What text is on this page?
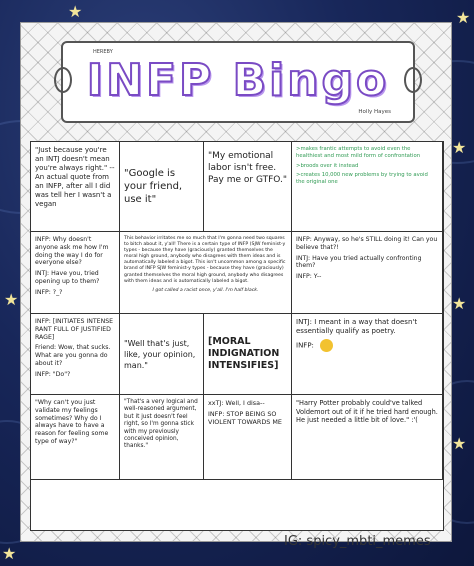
★
★
★
★
★
★
★
HEREBY
INFP Bingo
Holly Hayes

"Just because you're an INTJ doesn't mean you're always right." -- An actual quote from an INFP, after all I did was tell her I wasn't a vegan

"Google is your friend, use it"
"My emotional labor isn't free. Pay me or GTFO."

>makes frantic attempts to avoid even the healthiest and most mild form of confrontation

>broods over it instead

>creates 10,000 new problems by trying to avoid the original one

INFP: Why doesn't anyone ask me how I'm doing the way I do for everyone else?

INTJ: Have you, tried opening up to them?

INFP: ?_?

This behavior irritates me so much that I'm gonna need two squares to bitch about it, y'all! There is a certain type of INFP (SJW feminist-y types - because they have (graciously) granted themselves the moral high ground, anybody who disagrees with them ideas and is automatically labeled a bigot. This isn't uncommon among a specific brand of INFP SJW feminist-y types - because they have (graciously) granted themselves the moral high ground, anybody who disagrees with them ideas and is automatically labeled a bigot.

I got called a racist once, y'all. I'm half black.

INFP: Anyway, so he's STILL doing it! Can you believe that?!

INTJ: Have you tried actually confronting them?

INFP: Y--

INFP: [INITIATES INTENSE RANT FULL OF JUSTIFIED RAGE]

Friend: Wow, that sucks. What are you gonna do about it?

INFP: "Do"?

"Well that's just, like, your opinion, man."
[MORAL INDIGNATION INTENSIFIES]

INTJ: I meant in a way that doesn't essentially qualify as poetry.

INFP:

"Why can't you just validate my feelings sometimes? Why do I always have to have a reason for feeling some type of way?"

"That's a very logical and well-reasoned argument, but it just doesn't feel right, so I'm gonna stick with my previously conceived opinion, thanks."

xxTJ: Well, I disa--

INFP: STOP BEING SO VIOLENT TOWARDS ME

"Harry Potter probably could've talked Voldemort out of it if he tried hard enough. He just needed a little bit of love." :'(

IG: spicy_mbti_memes
